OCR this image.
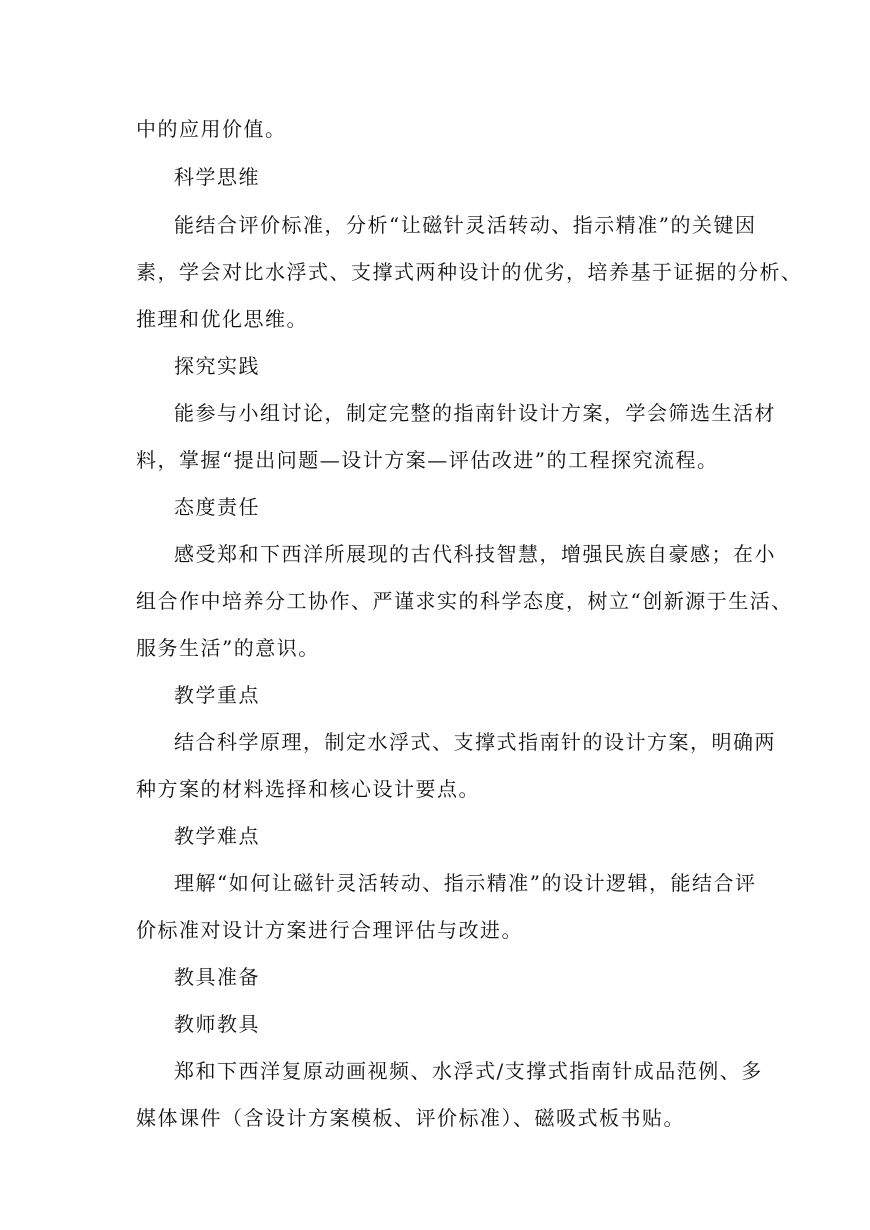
中的应用价值。
科学思维
能结合评价标准，分析“让磁针灵活转动、指示精准”的关键因
素，学会对比水浮式、支撑式两种设计的优劣，培养基于证据的分析、
推理和优化思维。
探究实践
能参与小组讨论，制定完整的指南针设计方案，学会筛选生活材
料，掌握“提出问题—设计方案—评估改进”的工程探究流程。
态度责任
感受郑和下西洋所展现的古代科技智慧，增强民族自豪感；在小
组合作中培养分工协作、严谨求实的科学态度，树立“创新源于生活、
服务生活”的意识。
教学重点
结合科学原理，制定水浮式、支撑式指南针的设计方案，明确两
种方案的材料选择和核心设计要点。
教学难点
理解“如何让磁针灵活转动、指示精准”的设计逻辑，能结合评
价标准对设计方案进行合理评估与改进。
教具准备
教师教具
郑和下西洋复原动画视频、水浮式/支撑式指南针成品范例、多
媒体课件（含设计方案模板、评价标准）、磁吸式板书贴。
